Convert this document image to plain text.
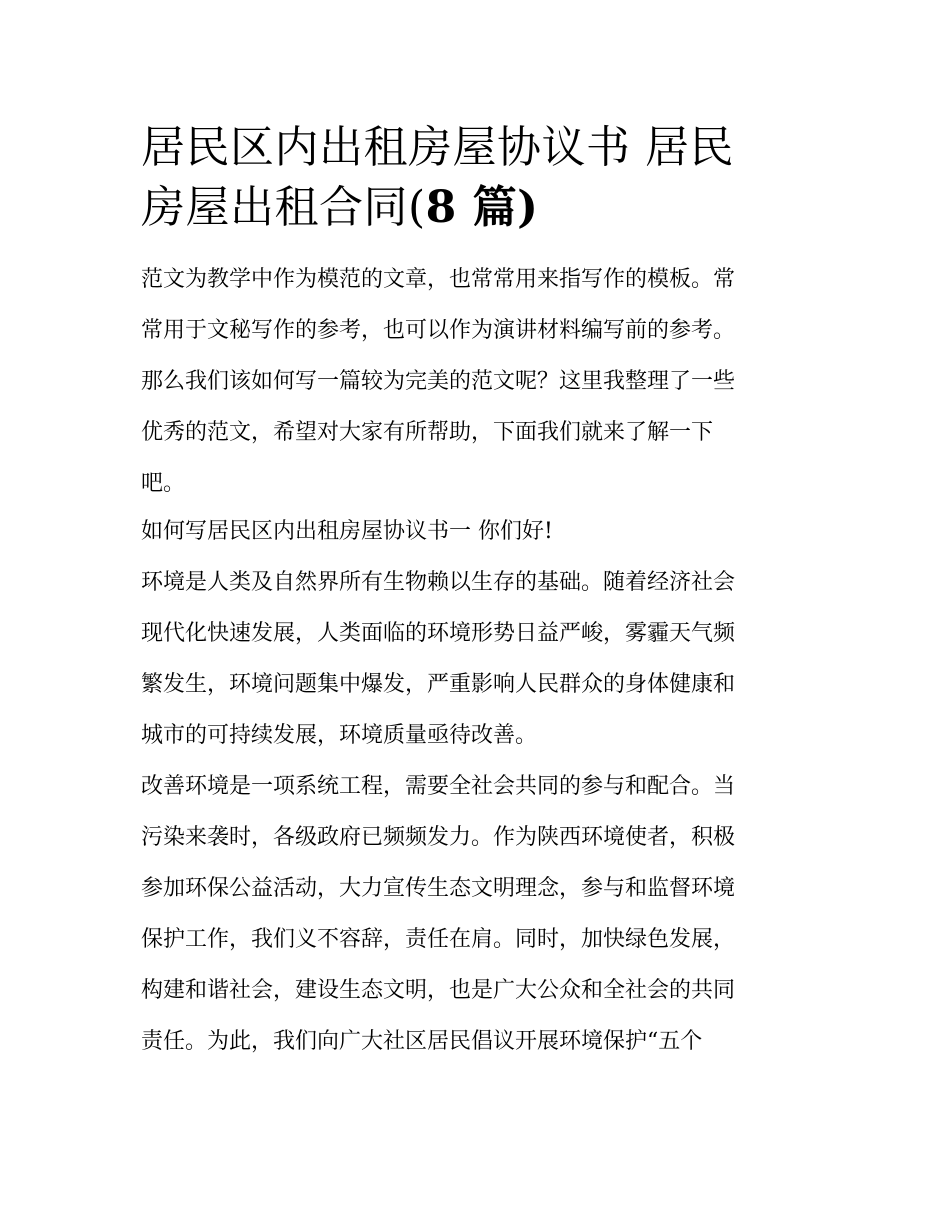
居民区内出租房屋协议书 居民
房屋出租合同(8 篇)

范文为教学中作为模范的文章，也常常用来指写作的模板。常
常用于文秘写作的参考，也可以作为演讲材料编写前的参考。
那么我们该如何写一篇较为完美的范文呢？这里我整理了一些
优秀的范文，希望对大家有所帮助，下面我们就来了解一下
吧。

如何写居民区内出租房屋协议书一 你们好!

环境是人类及自然界所有生物赖以生存的基础。随着经济社会
现代化快速发展，人类面临的环境形势日益严峻，雾霾天气频
繁发生，环境问题集中爆发，严重影响人民群众的身体健康和
城市的可持续发展，环境质量亟待改善。

改善环境是一项系统工程，需要全社会共同的参与和配合。当
污染来袭时，各级政府已频频发力。作为陕西环境使者，积极
参加环保公益活动，大力宣传生态文明理念，参与和监督环境
保护工作，我们义不容辞，责任在肩。同时，加快绿色发展，
构建和谐社会，建设生态文明，也是广大公众和全社会的共同
责任。为此，我们向广大社区居民倡议开展环境保护“五个
